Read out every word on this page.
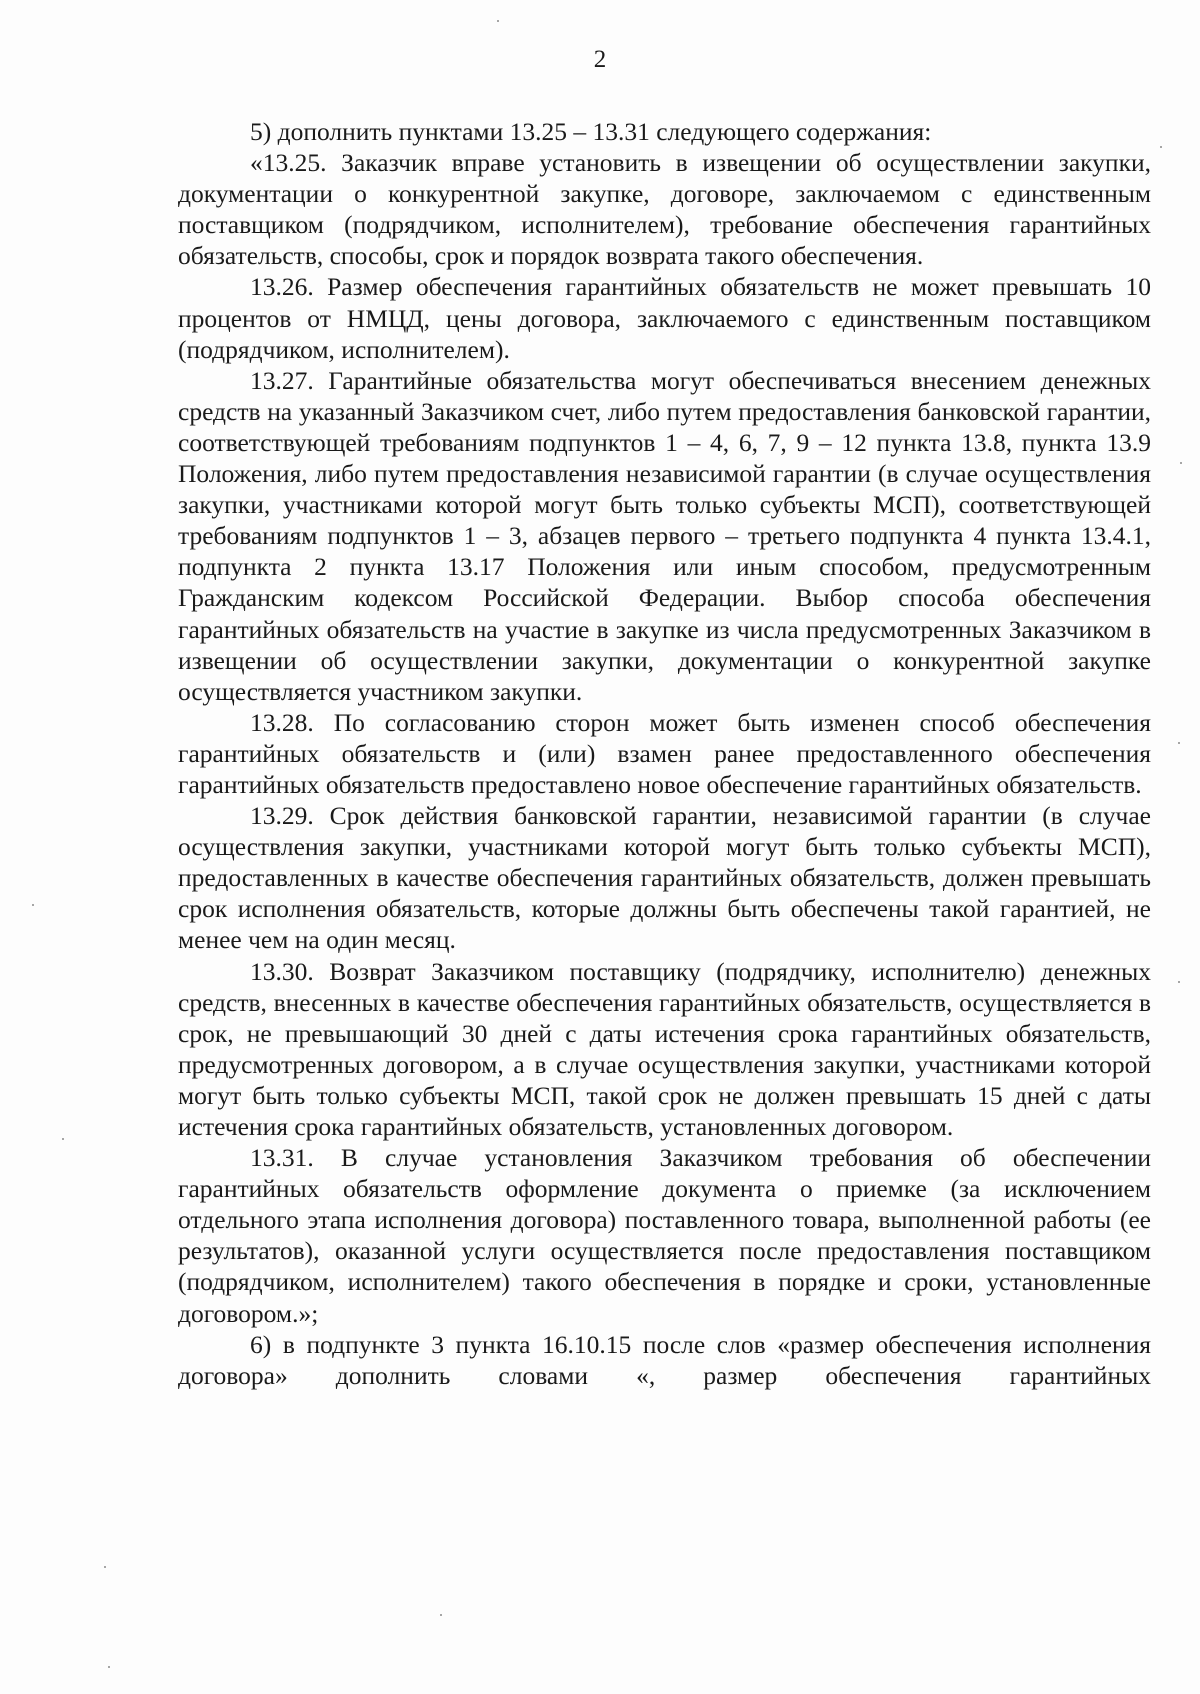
2

5) дополнить пунктами 13.25 – 13.31 следующего содержания:

«13.25. Заказчик вправе установить в извещении об осуществлении закупки, документации о конкурентной закупке, договоре, заключаемом с единственным поставщиком (подрядчиком, исполнителем), требование обеспечения гарантийных обязательств, способы, срок и порядок возврата такого обеспечения.

13.26. Размер обеспечения гарантийных обязательств не может превышать 10 процентов от НМЦД, цены договора, заключаемого с единственным поставщиком (подрядчиком, исполнителем).

13.27. Гарантийные обязательства могут обеспечиваться внесением денежных средств на указанный Заказчиком счет, либо путем предоставления банковской гарантии, соответствующей требованиям подпунктов 1 – 4, 6, 7, 9 – 12 пункта 13.8, пункта 13.9 Положения, либо путем предоставления независимой гарантии (в случае осуществления закупки, участниками которой могут быть только субъекты МСП), соответствующей требованиям подпунктов 1 – 3, абзацев первого – третьего подпункта 4 пункта 13.4.1, подпункта 2 пункта 13.17 Положения или иным способом, предусмотренным Гражданским кодексом Российской Федерации. Выбор способа обеспечения гарантийных обязательств на участие в закупке из числа предусмотренных Заказчиком в извещении об осуществлении закупки, документации о конкурентной закупке осуществляется участником закупки.

13.28. По согласованию сторон может быть изменен способ обеспечения гарантийных обязательств и (или) взамен ранее предоставленного обеспечения гарантийных обязательств предоставлено новое обеспечение гарантийных обязательств.

13.29. Срок действия банковской гарантии, независимой гарантии (в случае осуществления закупки, участниками которой могут быть только субъекты МСП), предоставленных в качестве обеспечения гарантийных обязательств, должен превышать срок исполнения обязательств, которые должны быть обеспечены такой гарантией, не менее чем на один месяц.

13.30. Возврат Заказчиком поставщику (подрядчику, исполнителю) денежных средств, внесенных в качестве обеспечения гарантийных обязательств, осуществляется в срок, не превышающий 30 дней с даты истечения срока гарантийных обязательств, предусмотренных договором, а в случае осуществления закупки, участниками которой могут быть только субъекты МСП, такой срок не должен превышать 15 дней с даты истечения срока гарантийных обязательств, установленных договором.

13.31. В случае установления Заказчиком требования об обеспечении гарантийных обязательств оформление документа о приемке (за исключением отдельного этапа исполнения договора) поставленного товара, выполненной работы (ее результатов), оказанной услуги осуществляется после предоставления поставщиком (подрядчиком, исполнителем) такого обеспечения в порядке и сроки, установленные договором.»;

6) в подпункте 3 пункта 16.10.15 после слов «размер обеспечения исполнения договора» дополнить словами «, размер обеспечения гарантийных
